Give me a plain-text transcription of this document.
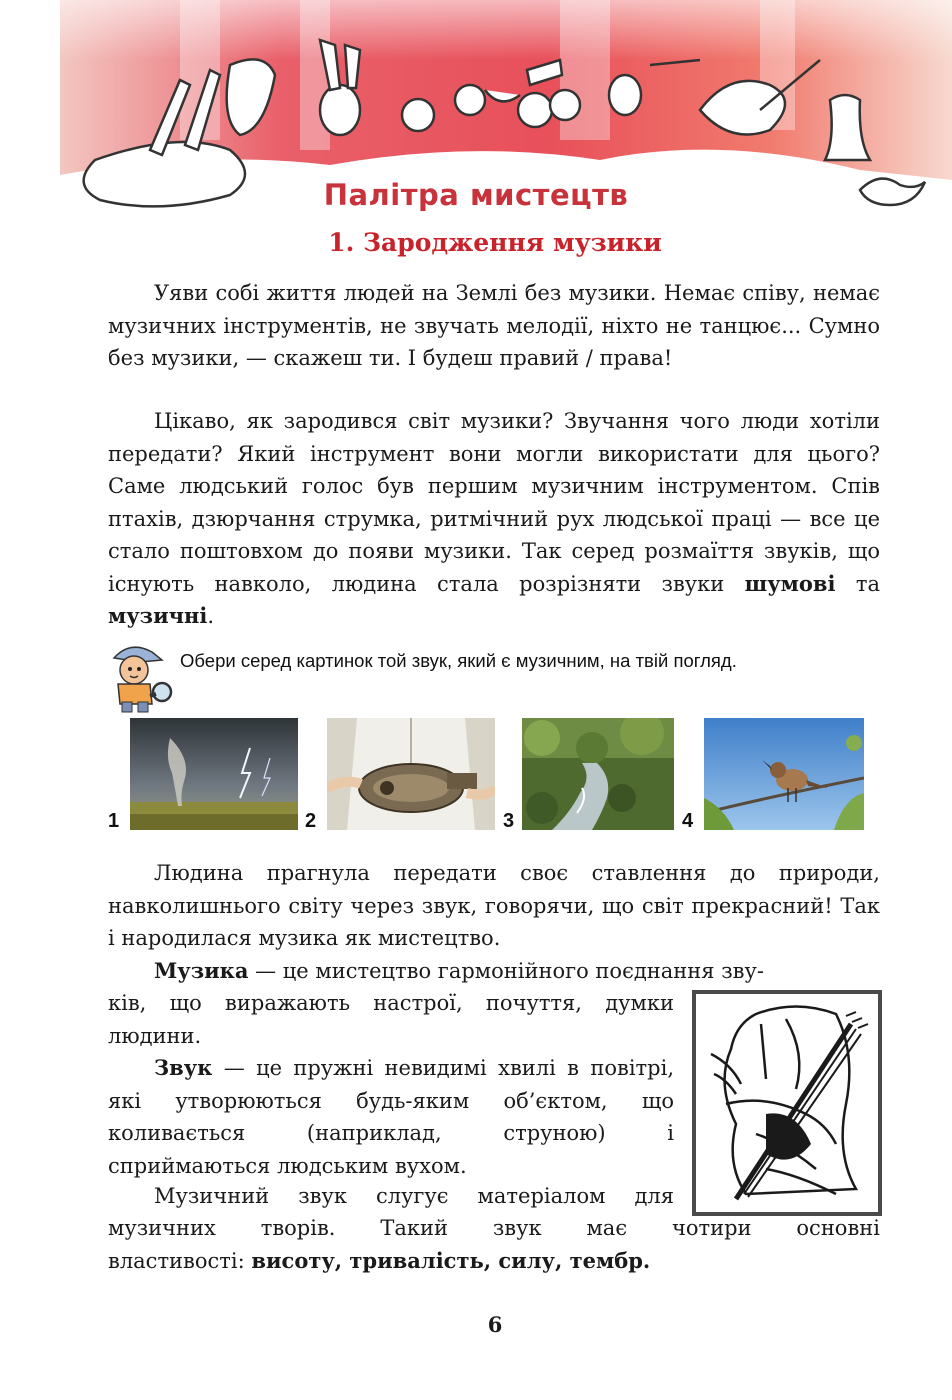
Палітра мистецтв
1. Зародження музики

Уяви собі життя людей на Землі без музики. Немає співу, немає музичних інструментів, не звучать мелодії, ніхто не танцює... Сумно без музики, — скажеш ти. І будеш правий / права!

Цікаво, як зародився світ музики? Звучання чого люди хотіли передати? Який інструмент вони могли використати для цього? Саме людський голос був першим музичним інструментом. Спів птахів, дзюрчання струмка, ритмічний рух людської праці — все це стало поштовхом до появи музики. Так серед розмаїття звуків, що існують навколо, людина стала розрізняти звуки шумові та музичні.

Обери серед картинок той звук, який є музичним, на твій погляд.
1	2	3	4

Людина прагнула передати своє ставлення до природи, навколишнього світу через звук, говорячи, що світ прекрасний! Так і народилася музика як мистецтво.

Музика — це мистецтво гармонійного поєднання зву-

ків, що виражають настрої, почуття, думки людини.

Звук — це пружні невидимі хвилі в повітрі, які утворюються будь-яким об’єктом, що коливається (наприклад, струною) і сприймаються людським вухом.

Музичний звук слугує матеріалом для

музичних творів. Такий звук має чотири основні

властивості: висоту, тривалість, силу, тембр.

6
